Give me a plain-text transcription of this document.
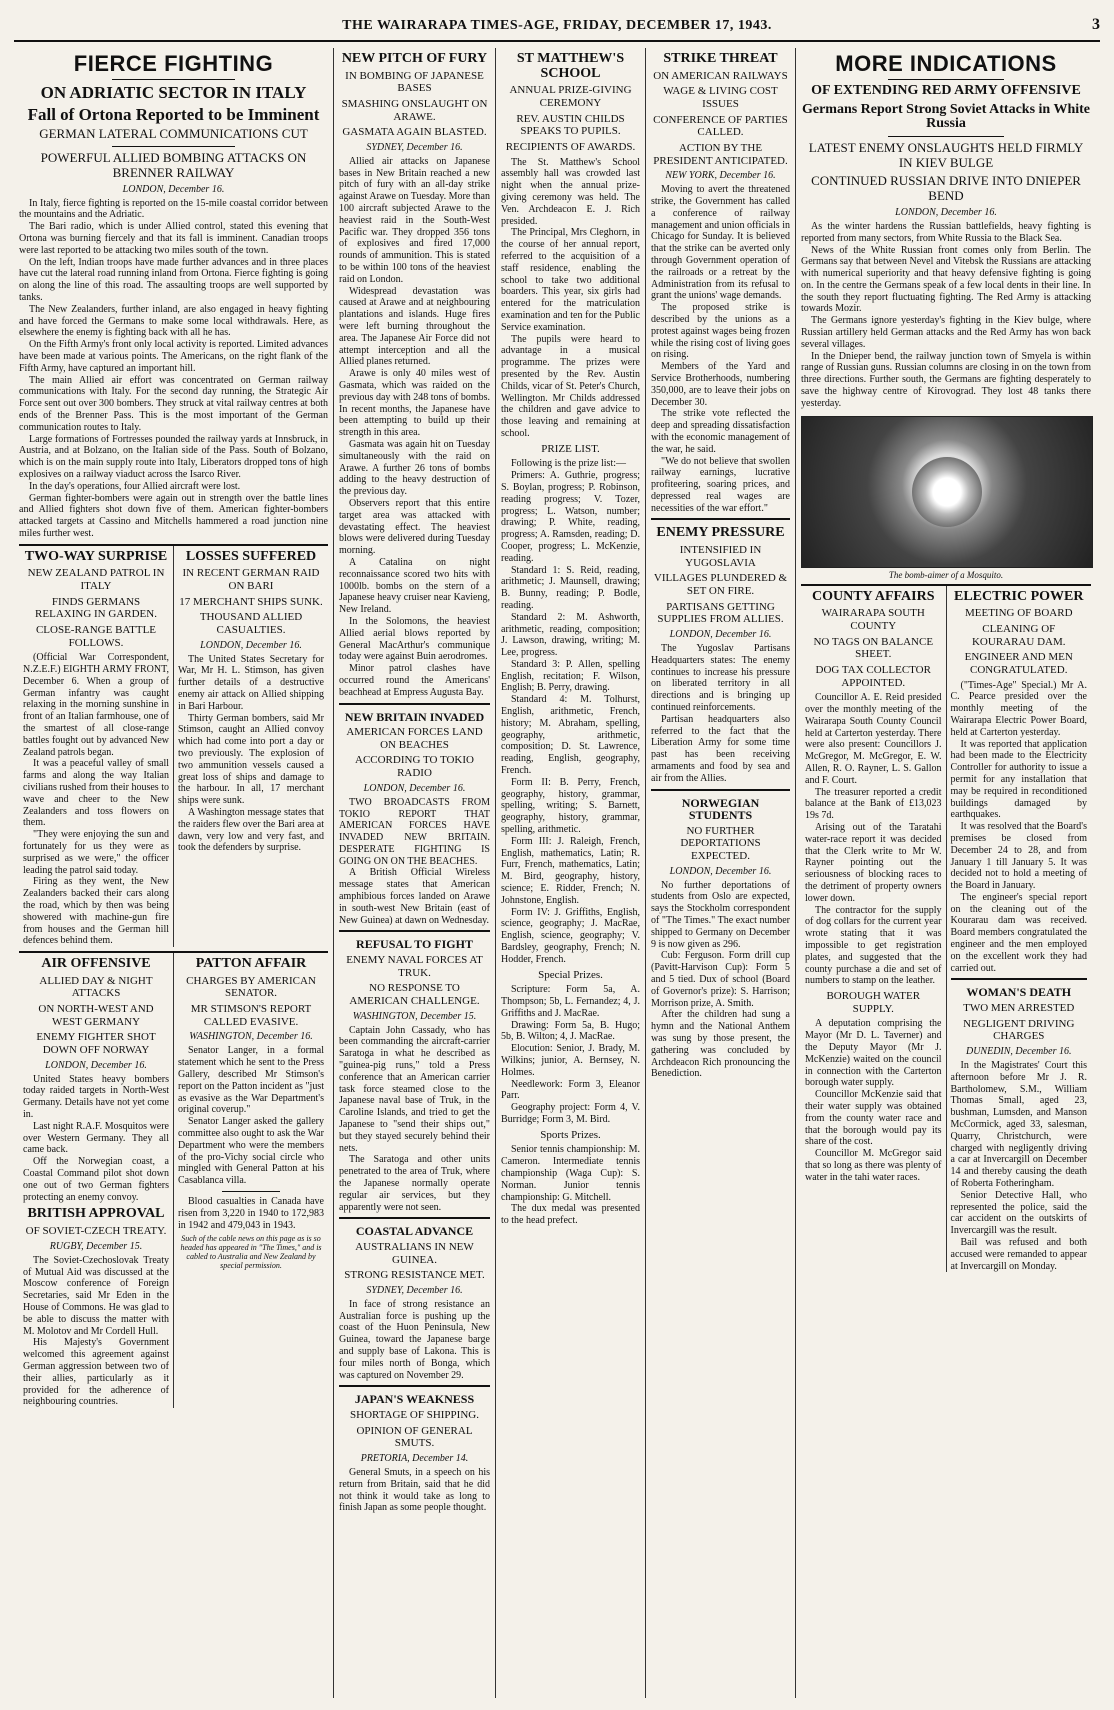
THE WAIRARAPA TIMES-AGE, FRIDAY, DECEMBER 17, 1943.	3
FIERCE FIGHTING
ON ADRIATIC SECTOR IN ITALY
Fall of Ortona Reported to be Imminent
GERMAN LATERAL COMMUNICATIONS CUT
POWERFUL ALLIED BOMBING ATTACKS ON BRENNER RAILWAY
LONDON, December 16.

In Italy, fierce fighting is reported on the 15-mile coastal corridor between the mountains and the Adriatic.

The Bari radio, which is under Allied control, stated this evening that Ortona was burning fiercely and that its fall is imminent. Canadian troops were last reported to be attacking two miles south of the town.

On the left, Indian troops have made further advances and in three places have cut the lateral road running inland from Ortona. Fierce fighting is going on along the line of this road. The assaulting troops are well supported by tanks.

The New Zealanders, further inland, are also engaged in heavy fighting and have forced the Germans to make some local withdrawals. Here, as elsewhere the enemy is fighting back with all he has.

On the Fifth Army's front only local activity is reported. Limited advances have been made at various points. The Americans, on the right flank of the Fifth Army, have captured an important hill.

The main Allied air effort was concentrated on German railway communications with Italy. For the second day running, the Strategic Air Force sent out over 300 bombers. They struck at vital railway centres at both ends of the Brenner Pass. This is the most important of the German communication routes to Italy.

Large formations of Fortresses pounded the railway yards at Innsbruck, in Austria, and at Bolzano, on the Italian side of the Pass. South of Bolzano, which is on the main supply route into Italy, Liberators dropped tons of high explosives on a railway viaduct across the Isarco River.

In the day's operations, four Allied aircraft were lost.

German fighter-bombers were again out in strength over the battle lines and Allied fighters shot down five of them. American fighter-bombers attacked targets at Cassino and Mitchells hammered a road junction nine miles further west.

TWO-WAY SURPRISE
NEW ZEALAND PATROL IN ITALY
FINDS GERMANS RELAXING IN GARDEN.
CLOSE-RANGE BATTLE FOLLOWS.

(Official War Correspondent, N.Z.E.F.) EIGHTH ARMY FRONT, December 6. When a group of German infantry was caught relaxing in the morning sunshine in front of an Italian farmhouse, one of the smartest of all close-range battles fought out by advanced New Zealand patrols began.

It was a peaceful valley of small farms and along the way Italian civilians rushed from their houses to wave and cheer to the New Zealanders and toss flowers on them.

"They were enjoying the sun and fortunately for us they were as surprised as we were," the officer leading the patrol said today.

Firing as they went, the New Zealanders backed their cars along the road, which by then was being showered with machine-gun fire from houses and the German hill defences behind them.

LOSSES SUFFERED
IN RECENT GERMAN RAID ON BARI
17 MERCHANT SHIPS SUNK.
THOUSAND ALLIED CASUALTIES.
LONDON, December 16.

The United States Secretary for War, Mr H. L. Stimson, has given further details of a destructive enemy air attack on Allied shipping in Bari Harbour.

Thirty German bombers, said Mr Stimson, caught an Allied convoy which had come into port a day or two previously. The explosion of two ammunition vessels caused a great loss of ships and damage to the harbour. In all, 17 merchant ships were sunk.

A Washington message states that the raiders flew over the Bari area at dawn, very low and very fast, and took the defenders by surprise.

AIR OFFENSIVE
ALLIED DAY & NIGHT ATTACKS
ON NORTH-WEST AND WEST GERMANY
ENEMY FIGHTER SHOT DOWN OFF NORWAY
LONDON, December 16.

United States heavy bombers today raided targets in North-West Germany. Details have not yet come in.

Last night R.A.F. Mosquitos were over Western Germany. They all came back.

Off the Norwegian coast, a Coastal Command pilot shot down one out of two German fighters protecting an enemy convoy.

BRITISH APPROVAL
OF SOVIET-CZECH TREATY.
RUGBY, December 15.

The Soviet-Czechoslovak Treaty of Mutual Aid was discussed at the Moscow conference of Foreign Secretaries, said Mr Eden in the House of Commons. He was glad to be able to discuss the matter with M. Molotov and Mr Cordell Hull.

His Majesty's Government welcomed this agreement against German aggression between two of their allies, particularly as it provided for the adherence of neighbouring countries.

PATTON AFFAIR
CHARGES BY AMERICAN SENATOR.
MR STIMSON'S REPORT CALLED EVASIVE.
WASHINGTON, December 16.

Senator Langer, in a formal statement which he sent to the Press Gallery, described Mr Stimson's report on the Patton incident as "just as evasive as the War Department's original coverup."

Senator Langer asked the gallery committee also ought to ask the War Department who were the members of the pro-Vichy social circle who mingled with General Patton at his Casablanca villa.

Blood casualties in Canada have risen from 3,220 in 1940 to 172,983 in 1942 and 479,043 in 1943.

Such of the cable news on this page as is so headed has appeared in "The Times," and is cabled to Australia and New Zealand by special permission.
NEW PITCH OF FURY
IN BOMBING OF JAPANESE BASES
SMASHING ONSLAUGHT ON ARAWE.
GASMATA AGAIN BLASTED.
SYDNEY, December 16.

Allied air attacks on Japanese bases in New Britain reached a new pitch of fury with an all-day strike against Arawe on Tuesday. More than 100 aircraft subjected Arawe to the heaviest raid in the South-West Pacific war. They dropped 356 tons of explosives and fired 17,000 rounds of ammunition. This is stated to be within 100 tons of the heaviest raid on London.

Widespread devastation was caused at Arawe and at neighbouring plantations and islands. Huge fires were left burning throughout the area. The Japanese Air Force did not attempt interception and all the Allied planes returned.

Arawe is only 40 miles west of Gasmata, which was raided on the previous day with 248 tons of bombs. In recent months, the Japanese have been attempting to build up their strength in this area.

Gasmata was again hit on Tuesday simultaneously with the raid on Arawe. A further 26 tons of bombs adding to the heavy destruction of the previous day.

Observers report that this entire target area was attacked with devastating effect. The heaviest blows were delivered during Tuesday morning.

A Catalina on night reconnaissance scored two hits with 1000lb. bombs on the stern of a Japanese heavy cruiser near Kavieng, New Ireland.

In the Solomons, the heaviest Allied aerial blows reported by General MacArthur's communique today were against Buin aerodromes.

Minor patrol clashes have occurred round the Americans' beachhead at Empress Augusta Bay.

NEW BRITAIN INVADED
AMERICAN FORCES LAND ON BEACHES
ACCORDING TO TOKIO RADIO
LONDON, December 16.

TWO BROADCASTS FROM TOKIO REPORT THAT AMERICAN FORCES HAVE INVADED NEW BRITAIN. DESPERATE FIGHTING IS GOING ON ON THE BEACHES.

A British Official Wireless message states that American amphibious forces landed on Arawe in south-west New Britain (east of New Guinea) at dawn on Wednesday.

REFUSAL TO FIGHT
ENEMY NAVAL FORCES AT TRUK.
NO RESPONSE TO AMERICAN CHALLENGE.
WASHINGTON, December 15.

Captain John Cassady, who has been commanding the aircraft-carrier Saratoga in what he described as "guinea-pig runs," told a Press conference that an American carrier task force steamed close to the Japanese naval base of Truk, in the Caroline Islands, and tried to get the Japanese to "send their ships out," but they stayed securely behind their nets.

The Saratoga and other units penetrated to the area of Truk, where the Japanese normally operate regular air services, but they apparently were not seen.

COASTAL ADVANCE
AUSTRALIANS IN NEW GUINEA.
STRONG RESISTANCE MET.
SYDNEY, December 16.

In face of strong resistance an Australian force is pushing up the coast of the Huon Peninsula, New Guinea, toward the Japanese barge and supply base of Lakona. This is four miles north of Bonga, which was captured on November 29.

JAPAN'S WEAKNESS
SHORTAGE OF SHIPPING.
OPINION OF GENERAL SMUTS.
PRETORIA, December 14.

General Smuts, in a speech on his return from Britain, said that he did not think it would take as long to finish Japan as some people thought.

ST MATTHEW'S SCHOOL
ANNUAL PRIZE-GIVING CEREMONY
REV. AUSTIN CHILDS SPEAKS TO PUPILS.
RECIPIENTS OF AWARDS.

The St. Matthew's School assembly hall was crowded last night when the annual prize-giving ceremony was held. The Ven. Archdeacon E. J. Rich presided.

The Principal, Mrs Cleghorn, in the course of her annual report, referred to the acquisition of a staff residence, enabling the school to take two additional boarders. This year, six girls had entered for the matriculation examination and ten for the Public Service examination.

The pupils were heard to advantage in a musical programme. The prizes were presented by the Rev. Austin Childs, vicar of St. Peter's Church, Wellington. Mr Childs addressed the children and gave advice to those leaving and remaining at school.

PRIZE LIST.

Following is the prize list:—

Primers: A. Guthrie, progress; S. Boylan, progress; P. Robinson, reading progress; V. Tozer, progress; L. Watson, number; drawing; P. White, reading, progress; A. Ramsden, reading; D. Cooper, progress; L. McKenzie, reading.

Standard 1: S. Reid, reading, arithmetic; J. Maunsell, drawing; B. Bunny, reading; P. Bodle, reading.

Standard 2: M. Ashworth, arithmetic, reading, composition; J. Lawson, drawing, writing; M. Lee, progress.

Standard 3: P. Allen, spelling English, recitation; F. Wilson, English; B. Perry, drawing.

Standard 4: M. Tolhurst, English, arithmetic, French, history; M. Abraham, spelling, geography, arithmetic, composition; D. St. Lawrence, reading, English, geography, French.

Form II: B. Perry, French, geography, history, grammar, spelling, writing; S. Barnett, geography, history, grammar, spelling, arithmetic.

Form III: J. Raleigh, French, English, mathematics, Latin; R. Furr, French, mathematics, Latin; M. Bird, geography, history, science; E. Ridder, French; N. Johnstone, English.

Form IV: J. Griffiths, English, science, geography; J. MacRae, English, science, geography; V. Bardsley, geography, French; N. Hodder, French.

Special Prizes.

Scripture: Form 5a, A. Thompson; 5b, L. Fernandez; 4, J. Griffiths and J. MacRae.

Drawing: Form 5a, B. Hugo; 5b, B. Wilton; 4, J. MacRae.

Elocution: Senior, J. Brady, M. Wilkins; junior, A. Bernsey, N. Holmes.

Needlework: Form 3, Eleanor Parr.

Geography project: Form 4, V. Burridge; Form 3, M. Bird.

Sports Prizes.

Senior tennis championship: M. Cameron. Intermediate tennis championship (Waga Cup): S. Norman. Junior tennis championship: G. Mitchell.

The dux medal was presented to the head prefect.

STRIKE THREAT
ON AMERICAN RAILWAYS
WAGE & LIVING COST ISSUES
CONFERENCE OF PARTIES CALLED.
ACTION BY THE PRESIDENT ANTICIPATED.
NEW YORK, December 16.

Moving to avert the threatened strike, the Government has called a conference of railway management and union officials in Chicago for Sunday. It is believed that the strike can be averted only through Government operation of the railroads or a retreat by the Administration from its refusal to grant the unions' wage demands.

The proposed strike is described by the unions as a protest against wages being frozen while the rising cost of living goes on rising.

Members of the Yard and Service Brotherhoods, numbering 350,000, are to leave their jobs on December 30.

The strike vote reflected the deep and spreading dissatisfaction with the economic management of the war, he said.

"We do not believe that swollen railway earnings, lucrative profiteering, soaring prices, and depressed real wages are necessities of the war effort."

ENEMY PRESSURE
INTENSIFIED IN YUGOSLAVIA
VILLAGES PLUNDERED & SET ON FIRE.
PARTISANS GETTING SUPPLIES FROM ALLIES.
LONDON, December 16.

The Yugoslav Partisans Headquarters states: The enemy continues to increase his pressure on liberated territory in all directions and is bringing up continued reinforcements.

Partisan headquarters also referred to the fact that the Liberation Army for some time past has been receiving armaments and food by sea and air from the Allies.

NORWEGIAN STUDENTS
NO FURTHER DEPORTATIONS EXPECTED.
LONDON, December 16.

No further deportations of students from Oslo are expected, says the Stockholm correspondent of "The Times." The exact number shipped to Germany on December 9 is now given as 296.

Cub: Ferguson. Form drill cup (Pavitt-Harvison Cup): Form 5 and 5 tied. Dux of school (Board of Governor's prize): S. Harrison; Morrison prize, A. Smith.

After the children had sung a hymn and the National Anthem was sung by those present, the gathering was concluded by Archdeacon Rich pronouncing the Benediction.

MORE INDICATIONS
OF EXTENDING RED ARMY OFFENSIVE
Germans Report Strong Soviet Attacks in White Russia
LATEST ENEMY ONSLAUGHTS HELD FIRMLY IN KIEV BULGE
CONTINUED RUSSIAN DRIVE INTO DNIEPER BEND
LONDON, December 16.

As the winter hardens the Russian battlefields, heavy fighting is reported from many sectors, from White Russia to the Black Sea.

News of the White Russian front comes only from Berlin. The Germans say that between Nevel and Vitebsk the Russians are attacking with numerical superiority and that heavy defensive fighting is going on. In the centre the Germans speak of a few local dents in their line. In the south they report fluctuating fighting. The Red Army is attacking towards Mozir.

The Germans ignore yesterday's fighting in the Kiev bulge, where Russian artillery held German attacks and the Red Army has won back several villages.

In the Dnieper bend, the railway junction town of Smyela is within range of Russian guns. Russian columns are closing in on the town from three directions. Further south, the Germans are fighting desperately to save the highway centre of Kirovograd. They lost 48 tanks there yesterday.

The bomb-aimer of a Mosquito.
COUNTY AFFAIRS
WAIRARAPA SOUTH COUNTY
NO TAGS ON BALANCE SHEET.
DOG TAX COLLECTOR APPOINTED.

Councillor A. E. Reid presided over the monthly meeting of the Wairarapa South County Council held at Carterton yesterday. There were also present: Councillors J. McGregor, M. McGregor, E. W. Allen, R. O. Rayner, L. S. Gallon and F. Court.

The treasurer reported a credit balance at the Bank of £13,023 19s 7d.

Arising out of the Taratahi water-race report it was decided that the Clerk write to Mr W. Rayner pointing out the seriousness of blocking races to the detriment of property owners lower down.

The contractor for the supply of dog collars for the current year wrote stating that it was impossible to get registration plates, and suggested that the county purchase a die and set of numbers to stamp on the leather.

BOROUGH WATER SUPPLY.

A deputation comprising the Mayor (Mr D. L. Taverner) and the Deputy Mayor (Mr J. McKenzie) waited on the council in connection with the Carterton borough water supply.

Councillor McKenzie said that their water supply was obtained from the county water race and that the borough would pay its share of the cost.

Councillor M. McGregor said that so long as there was plenty of water in the tahi water races.

ELECTRIC POWER
MEETING OF BOARD
CLEANING OF KOURARAU DAM.
ENGINEER AND MEN CONGRATULATED.

("Times-Age" Special.) Mr A. C. Pearce presided over the monthly meeting of the Wairarapa Electric Power Board, held at Carterton yesterday.

It was reported that application had been made to the Electricity Controller for authority to issue a permit for any installation that may be required in reconditioned buildings damaged by earthquakes.

It was resolved that the Board's premises be closed from December 24 to 28, and from January 1 till January 5. It was decided not to hold a meeting of the Board in January.

The engineer's special report on the cleaning out of the Kourarau dam was received. Board members congratulated the engineer and the men employed on the excellent work they had carried out.

WOMAN'S DEATH
TWO MEN ARRESTED
NEGLIGENT DRIVING CHARGES
DUNEDIN, December 16.

In the Magistrates' Court this afternoon before Mr J. R. Bartholomew, S.M., William Thomas Small, aged 23, bushman, Lumsden, and Manson McCormick, aged 33, salesman, Quarry, Christchurch, were charged with negligently driving a car at Invercargill on December 14 and thereby causing the death of Roberta Fotheringham.

Senior Detective Hall, who represented the police, said the car accident on the outskirts of Invercargill was the result.

Bail was refused and both accused were remanded to appear at Invercargill on Monday.
